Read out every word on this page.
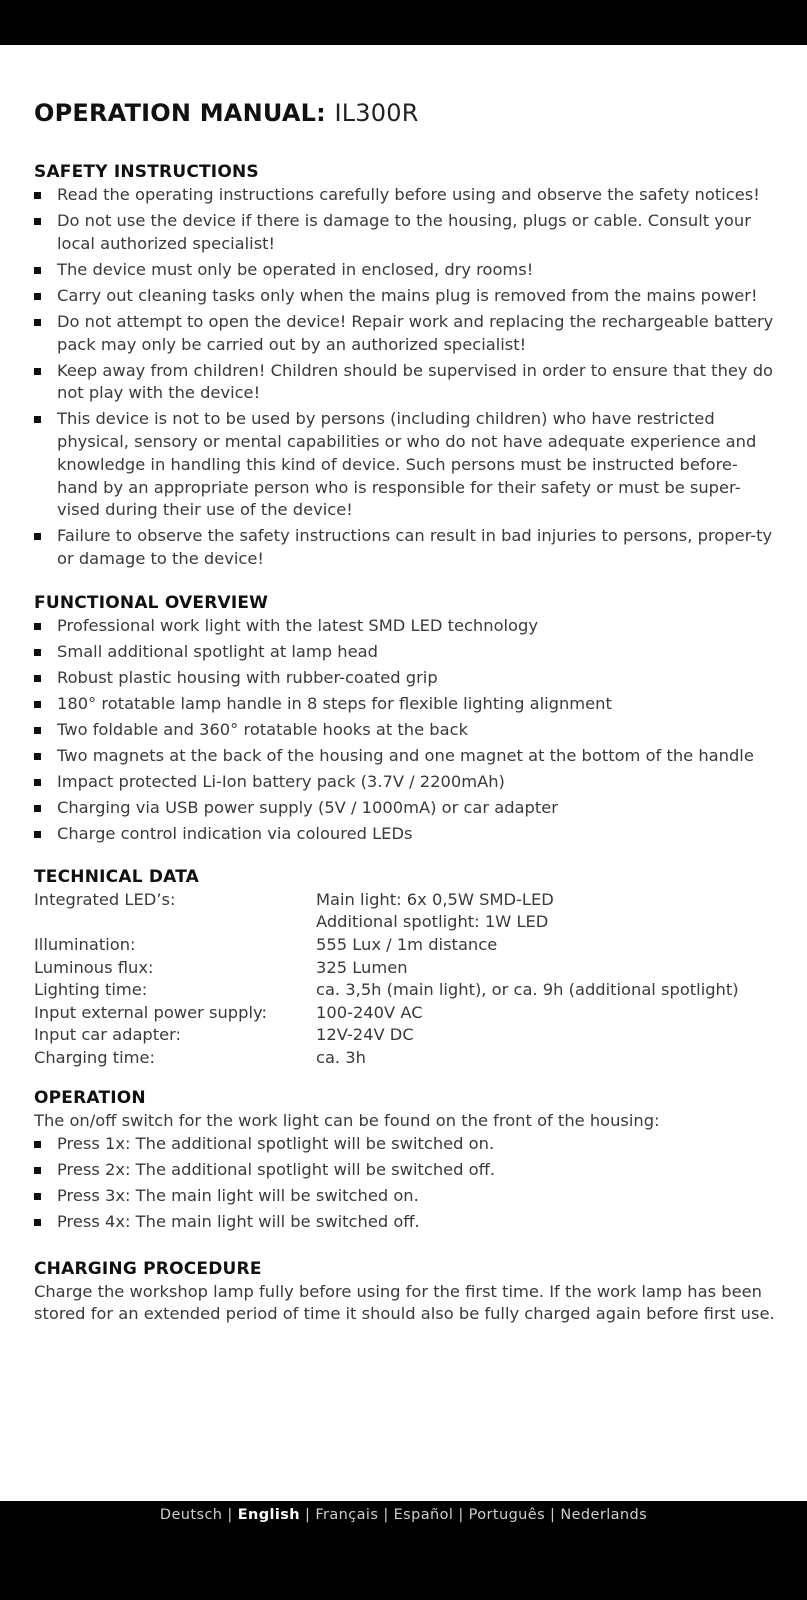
OPERATION MANUAL: IL300R
SAFETY INSTRUCTIONS
Read the operating instructions carefully before using and observe the safety notices!
Do not use the device if there is damage to the housing, plugs or cable. Consult your local authorized specialist!
The device must only be operated in enclosed, dry rooms!
Carry out cleaning tasks only when the mains plug is removed from the mains power!
Do not attempt to open the device! Repair work and replacing the rechargeable battery pack may only be carried out by an authorized specialist!
Keep away from children! Children should be supervised in order to ensure that they do not play with the device!
This device is not to be used by persons (including children) who have restricted physical, sensory or mental capabilities or who do not have adequate experience and knowledge in handling this kind of device. Such persons must be instructed before-hand by an appropriate person who is responsible for their safety or must be super-vised during their use of the device!
Failure to observe the safety instructions can result in bad injuries to persons, proper-ty or damage to the device!
FUNCTIONAL OVERVIEW
Professional work light with the latest SMD LED technology
Small additional spotlight at lamp head
Robust plastic housing with rubber-coated grip
180° rotatable lamp handle in 8 steps for flexible lighting alignment
Two foldable and 360° rotatable hooks at the back
Two magnets at the back of the housing and one magnet at the bottom of the handle
Impact protected Li-Ion battery pack (3.7V / 2200mAh)
Charging via USB power supply (5V / 1000mA) or car adapter
Charge control indication via coloured LEDs
TECHNICAL DATA
Integrated LED’s:	Main light: 6x 0,5W SMD-LED
Additional spotlight: 1W LED

Illumination:	555 Lux / 1m distance
Luminous flux:	325 Lumen
Lighting time:	ca. 3,5h (main light), or ca. 9h (additional spotlight)
Input external power supply:	100-240V AC
Input car adapter:	12V-24V DC
Charging time:	ca. 3h
OPERATION

The on/off switch for the work light can be found on the front of the housing:

Press 1x: The additional spotlight will be switched on.
Press 2x: The additional spotlight will be switched off.
Press 3x: The main light will be switched on.
Press 4x: The main light will be switched off.
CHARGING PROCEDURE

Charge the workshop lamp fully before using for the first time. If the work lamp has been stored for an extended period of time it should also be fully charged again before first use.

Deutsch | English | Français | Español | Português | Nederlands
